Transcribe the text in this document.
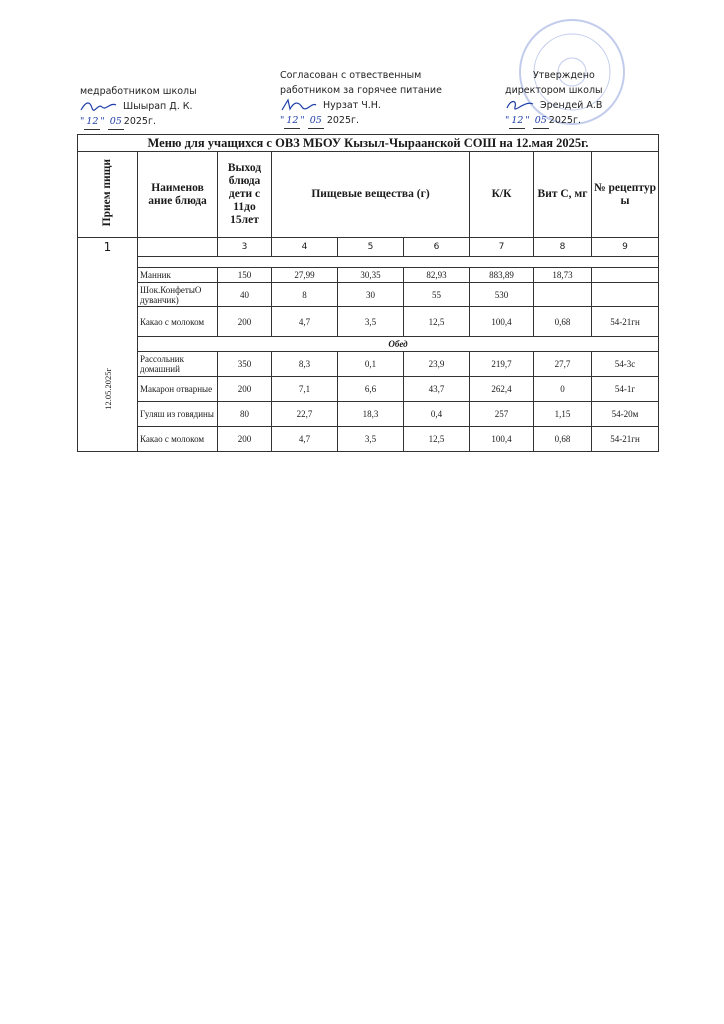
медработником школы
Шыырап Д. К.
" 12 " 05 2025г.
Согласован с отвественным
работником за горячее питание
Нурзат Ч.Н.
" 12 " 05 2025г.
Утверждено
директором школы
Эрендей А.В
" 12 " 05 2025г.
Меню для учащихся с ОВЗ МБОУ Кызыл-Чыраанской СОШ на 12.мая 2025г.
Прием пищи	Наименов ание блюда	Выход блюда дети с 11до 15лет	Пищевые вещества (г)			К/К	Вит С, мг	№ рецептур ы

1
12.05.2025г		3	4	5	6	7	8	9

	Манник	150	27,99	30,35	82,93	883,89	18,73	
	Шок.КонфетыО дуванчик)	40	8	30	55	530		
	Какао с молоком	200	4,7	3,5	12,5	100,4	0,68	54-21гн
	Обед							
	Рассольник домашний	350	8,3	0,1	23,9	219,7	27,7	54-3с
	Макарон отварные	200	7,1	6,6	43,7	262,4	0	54-1г
	Гуляш из говядины	80	22,7	18,3	0,4	257	1,15	54-20м
	Какао с молоком	200	4,7	3,5	12,5	100,4	0,68	54-21гн
